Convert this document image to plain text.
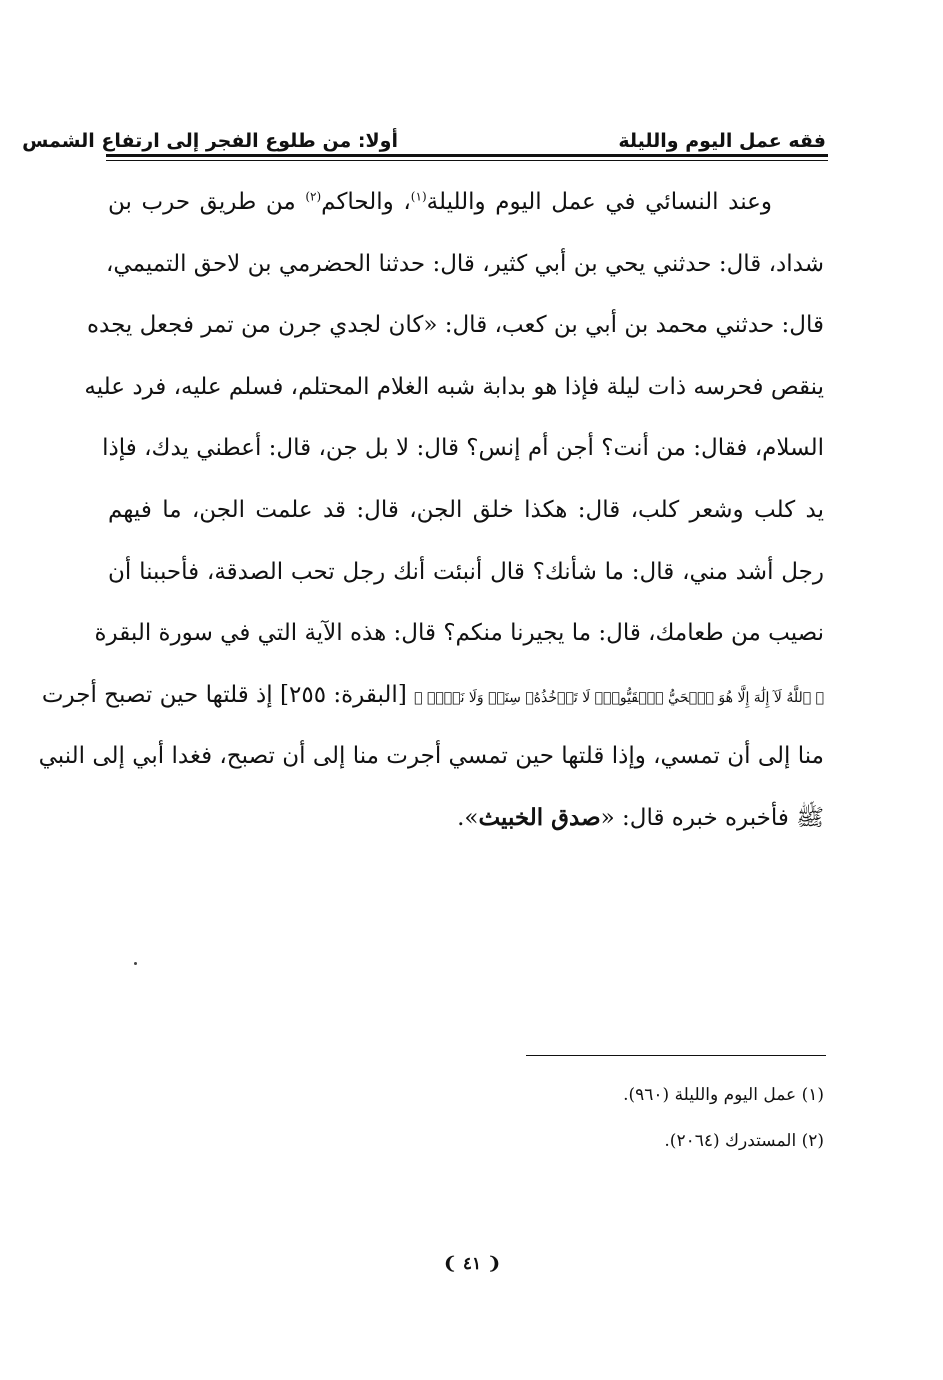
فقه عمل اليوم والليلة
أولا: من طلوع الفجر إلى ارتفاع الشمس
وعند النسائي في عمل اليوم والليلة$^{(١)}$، والحاكم$^{(٢)}$ من طريق حرب بن
شداد، قال: حدثني يحي بن أبي كثير، قال: حدثنا الحضرمي بن لاحق التميمي،
قال: حدثني محمد بن أبي بن كعب، قال: «كان لجدي جرن من تمر فجعل يجده
ينقص فحرسه ذات ليلة فإذا هو بدابة شبه الغلام المحتلم، فسلم عليه، فرد عليه
السلام، فقال: من أنت؟ أجن أم إنس؟ قال: لا بل جن، قال: أعطني يدك، فإذا
يد كلب وشعر كلب، قال: هكذا خلق الجن، قال: قد علمت الجن، ما فيهم
رجل أشد مني، قال: ما شأنك؟ قال أنبئت أنك رجل تحب الصدقة، فأحببنا أن
نصيب من طعامك، قال: ما يجيرنا منكم؟ قال: هذه الآية التي في سورة البقرة
﴿ ٱللَّهُ لَآ إِلَٰهَ إِلَّا هُوَ ٱلۡحَيُّ ٱلۡقَيُّومُۚ لَا تَأۡخُذُهُۥ سِنَةٞ وَلَا نَوۡمٞ ﴾ [البقرة: ٢٥٥] إذ قلتها حين تصبح أجرت
منا إلى أن تمسي، وإذا قلتها حين تمسي أجرت منا إلى أن تصبح، فغدا أبي إلى النبي
ﷺ فأخبره خبره قال: «صدق الخبيث».
(١) عمل اليوم والليلة (٩٦٠).
(٢) المستدرك (٢٠٦٤).
❨ ٤١ ❩
